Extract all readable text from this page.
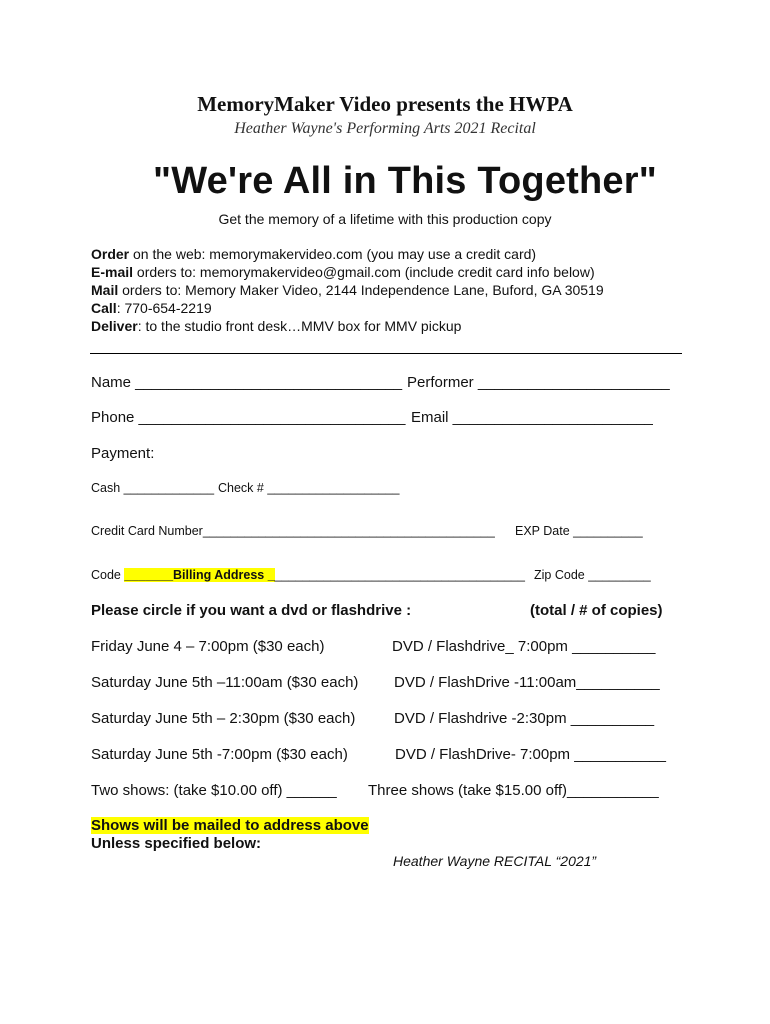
MemoryMaker Video presents the HWPA
Heather Wayne's Performing Arts 2021 Recital
"We're All in This Together"
Get the memory of a lifetime with this production copy
Order on the web: memorymakervideo.com (you may use a credit card)
E-mail orders to: memorymakervideo@gmail.com (include credit card info below)
Mail orders to: Memory Maker Video, 2144 Independence Lane, Buford, GA 30519
Call: 770-654-2219
Deliver: to the studio front desk…MMV box for MMV pickup
Name ________________________________ Performer _______________________
Phone ________________________________ Email ________________________
Payment:
Cash _____________ Check # ___________________
Credit Card Number__________________________________________ EXP Date __________
Code _______Billing Address _____________________________________ Zip Code _________
Please circle if you want a dvd or flashdrive :	(total / # of copies)
Friday June 4 – 7:00pm ($30 each)	DVD / Flashdrive_ 7:00pm __________
Saturday June 5th –11:00am ($30 each) DVD / FlashDrive -11:00am__________
Saturday June 5th – 2:30pm ($30 each)	DVD / Flashdrive -2:30pm __________
Saturday June 5th -7:00pm ($30 each)	DVD / FlashDrive- 7:00pm ___________
Two shows: (take $10.00 off) ______ Three shows (take $15.00 off)___________
Shows will be mailed to address above
Unless specified below:
Heather Wayne RECITAL “2021”
